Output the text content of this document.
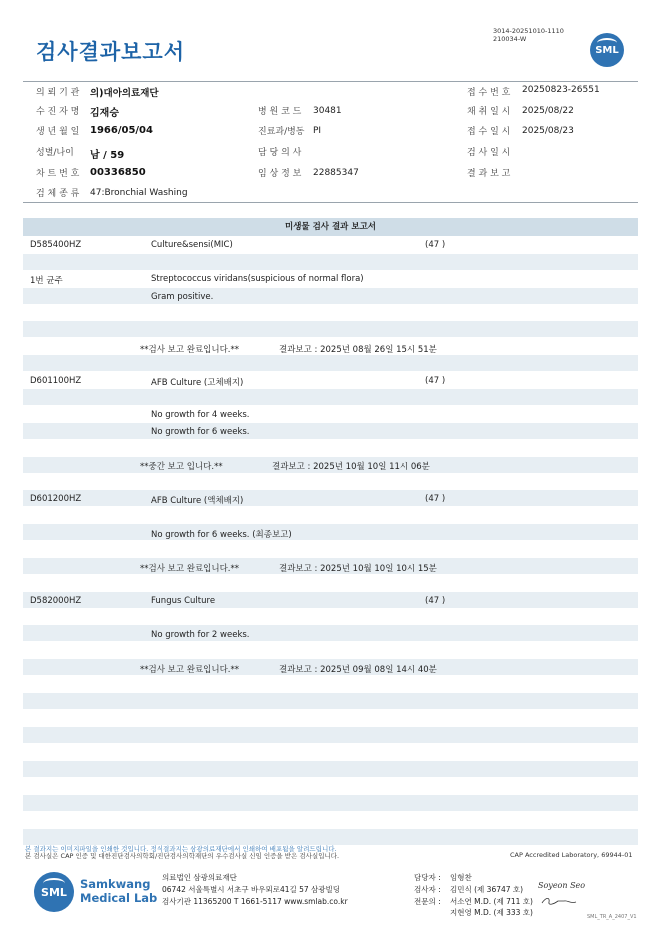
검사결과보고서
3014-20251010-1110
210034-W
SML
의 뢰 기 관 의)대아의료재단	접 수 번 호 20250823-26551
수 진 자 명 김재승	병 원 코 드 30481	채 취 일 시 2025/08/22
생 년 월 일 1966/05/04	진료과/병동 PI	접 수 일 시 2025/08/23
성별/나이 남 / 59	담 당 의 사	검 사 일 시
차 트 번 호 00336850	임 상 정 보 22885347	결 과 보 고
검 체 종 류 47:Bronchial Washing
미생물 검사 결과 보고서
D585400HZ	Culture&sensi(MIC)	(47 )
1번 균주	Streptococcus viridans(suspicious of normal flora)
Gram positive.
**검사 보고 완료입니다.**	결과보고 : 2025년 08월 26일 15시 51분
D601100HZ	AFB Culture (고체배지)	(47 )
No growth for 4 weeks.
No growth for 6 weeks.
**중간 보고 입니다.**	결과보고 : 2025년 10월 10일 11시 06분
D601200HZ	AFB Culture (액체배지)	(47 )
No growth for 6 weeks. (최종보고)
**검사 보고 완료입니다.**	결과보고 : 2025년 10월 10일 10시 15분
D582000HZ	Fungus Culture	(47 )
No growth for 2 weeks.
**검사 보고 완료입니다.**	결과보고 : 2025년 09월 08일 14시 40분
본 결과지는 이미지파일을 인쇄한 것입니다. 정식결과지는 삼광의료재단에서 인쇄하여 배포됨을 알려드립니다.
본 검사실은 CAP 인증 및 대한진단검사의학회/진단검사의학재단의 우수검사실 신임 인증을 받은 검사실입니다.	CAP Accredited Laboratory, 69944-01
SML
Samkwang
Medical Lab
의료법인 삼광의료재단
06742 서울특별시 서초구 바우뫼로41길 57 삼광빌딩
검사기관 11365200 T 1661-5117 www.smlab.co.kr
담당자 : 임형찬
검사자 : 김민식 (제 36747 호)
전문의 : 서소연 M.D. (제 711 호)
지현영 M.D. (제 333 호)
Soyeon Seo
SML_TR_A_2407_V1
